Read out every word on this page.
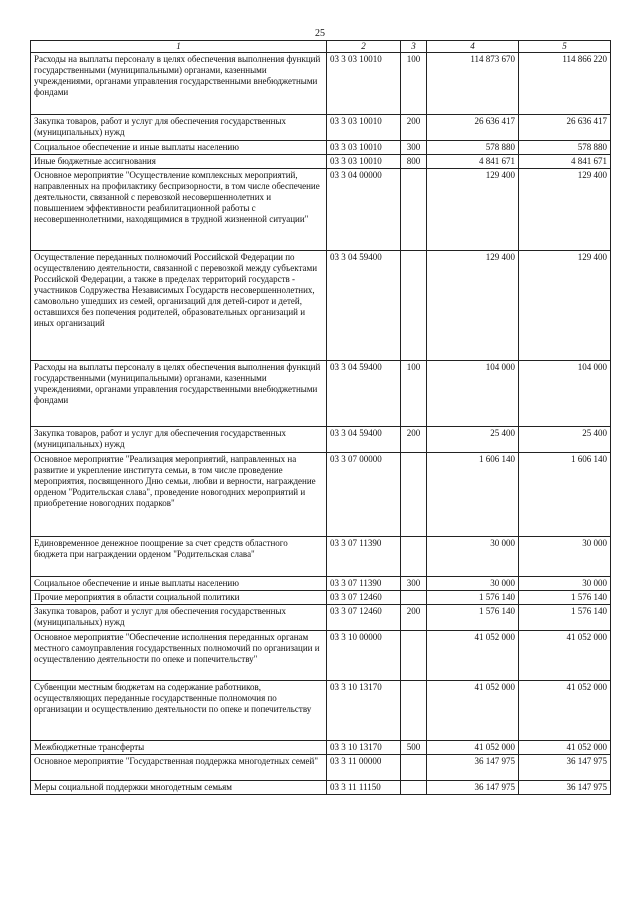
25
1	2	3	4	5
Расходы на выплаты персоналу в целях обеспечения выполнения функций государственными (муниципальными) органами, казенными учреждениями, органами управления государственными внебюджетными фондами	03 3 03 10010	100	114 873 670	114 866 220
Закупка товаров, работ и услуг для обеспечения государственных (муниципальных) нужд	03 3 03 10010	200	26 636 417	26 636 417
Социальное обеспечение и иные выплаты населению	03 3 03 10010	300	578 880	578 880
Иные бюджетные ассигнования	03 3 03 10010	800	4 841 671	4 841 671
Основное мероприятие "Осуществление комплексных мероприятий, направленных на профилактику беспризорности, в том числе обеспечение деятельности, связанной с перевозкой несовершеннолетних и повышением эффективности реабилитационной работы с несовершеннолетними, находящимися в трудной жизненной ситуации"	03 3 04 00000		129 400	129 400
Осуществление переданных полномочий Российской Федерации по осуществлению деятельности, связанной с перевозкой между субъектами Российской Федерации, а также в пределах территорий государств - участников Содружества Независимых Государств несовершеннолетних, самовольно ушедших из семей, организаций для детей-сирот и детей, оставшихся без попечения родителей, образовательных организаций и иных организаций	03 3 04 59400		129 400	129 400
Расходы на выплаты персоналу в целях обеспечения выполнения функций государственными (муниципальными) органами, казенными учреждениями, органами управления государственными внебюджетными фондами	03 3 04 59400	100	104 000	104 000
Закупка товаров, работ и услуг для обеспечения государственных (муниципальных) нужд	03 3 04 59400	200	25 400	25 400
Основное мероприятие "Реализация мероприятий, направленных на развитие и укрепление института семьи, в том числе проведение мероприятия, посвященного Дню семьи, любви и верности, награждение орденом "Родительская слава", проведение новогодних мероприятий и приобретение новогодних подарков"	03 3 07 00000		1 606 140	1 606 140
Единовременное денежное поощрение за счет средств областного бюджета при награждении орденом "Родительская слава"	03 3 07 11390		30 000	30 000
Социальное обеспечение и иные выплаты населению	03 3 07 11390	300	30 000	30 000
Прочие мероприятия в области социальной политики	03 3 07 12460		1 576 140	1 576 140
Закупка товаров, работ и услуг для обеспечения государственных (муниципальных) нужд	03 3 07 12460	200	1 576 140	1 576 140
Основное мероприятие "Обеспечение исполнения переданных органам местного самоуправления государственных полномочий по организации и осуществлению деятельности по опеке и попечительству"	03 3 10 00000		41 052 000	41 052 000
Субвенции местным бюджетам на содержание работников, осуществляющих переданные государственные полномочия по организации и осуществлению деятельности по опеке и попечительству	03 3 10 13170		41 052 000	41 052 000
Межбюджетные трансферты	03 3 10 13170	500	41 052 000	41 052 000
Основное мероприятие "Государственная поддержка многодетных семей"	03 3 11 00000		36 147 975	36 147 975
Меры социальной поддержки многодетным семьям	03 3 11 11150		36 147 975	36 147 975
